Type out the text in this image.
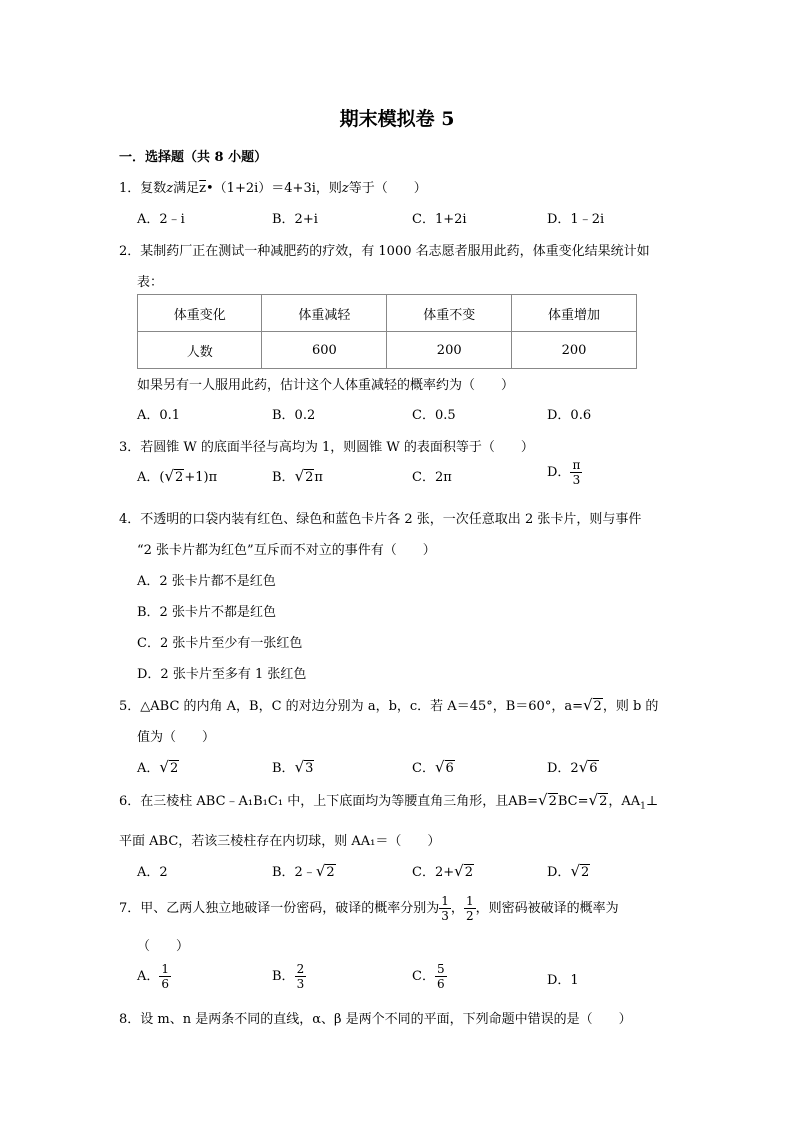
期末模拟卷 5
一．选择题（共 8 小题）
1．复数z满足$\overline{z}•(1+2i)=4+3i$，则z等于（　　）
A．2﹣i	B．2+i	C．1+2i	D．1﹣2i
2．某制药厂正在测试一种减肥药的疗效，有 1000 名志愿者服用此药，体重变化结果统计如
表：
体重变化	体重减轻	体重不变	体重增加
人数	600	200	200
如果另有一人服用此药，估计这个人体重减轻的概率约为（　　）
A．0.1	B．0.2	C．0.5	D．0.6
3．若圆锥 W 的底面半径与高均为 1，则圆锥 W 的表面积等于（　　）
A．(√2+1)π	B．√2π	C．2π	D． $\frac{\pi}{3}$
4．不透明的口袋内装有红色、绿色和蓝色卡片各 2 张，一次任意取出 2 张卡片，则与事件
“2 张卡片都为红色”互斥而不对立的事件有（　　）
A．2 张卡片都不是红色
B．2 张卡片不都是红色
C．2 张卡片至少有一张红色
D．2 张卡片至多有 1 张红色
5．△ABC 的内角 A，B，C 的对边分别为 a，b，c．若 A＝45°，B＝60°，a=√2，则 b 的
值为（　　）
A．√2	B．√3	C．√6	D．2√6
6．在三棱柱 ABC﹣A₁B₁C₁ 中，上下底面均为等腰直角三角形，且AB=√2BC=√2，$AA_1\perp$
平面 ABC，若该三棱柱存在内切球，则 AA₁＝（　　）
A．2	B．2﹣√2	C．2+√2	D．√2
7．甲、乙两人独立地破译一份密码，破译的概率分别为 $\frac{1}{3}$ ， $\frac{1}{2}$ ，则密码被破译的概率为
（　　）
A． $\frac{1}{6}$	B． $\frac{2}{3}$	C． $\frac{5}{6}$	D．1
8．设 m、n 是两条不同的直线，α、β 是两个不同的平面，下列命题中错误的是（　　）
